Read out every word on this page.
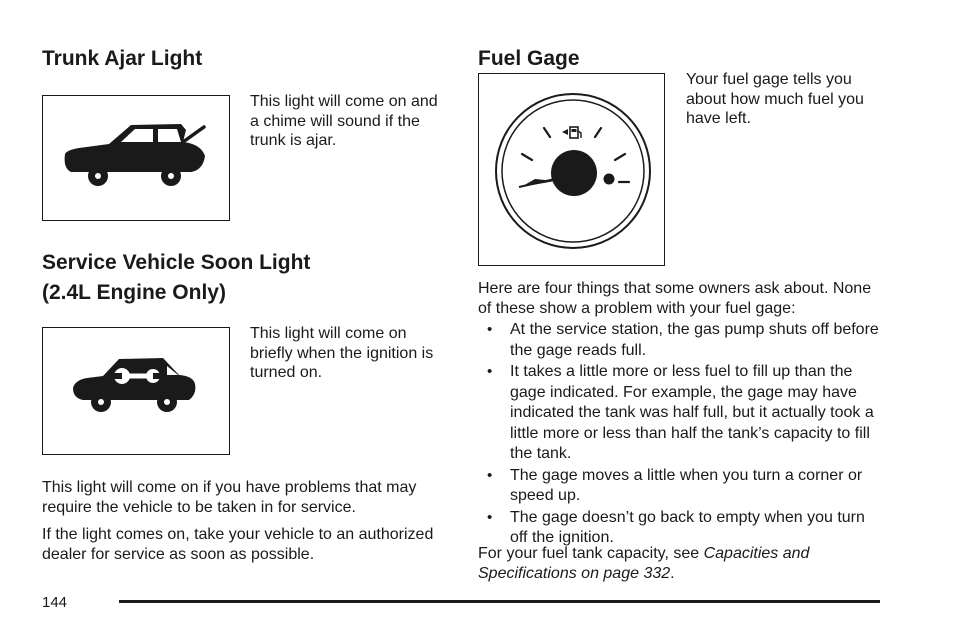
Trunk Ajar Light

This light will come on and a chime will sound if the trunk is ajar.

Service Vehicle Soon Light
(2.4L Engine Only)

This light will come on briefly when the ignition is turned on.

This light will come on if you have problems that may require the vehicle to be taken in for service.

If the light comes on, take your vehicle to an authorized dealer for service as soon as possible.

Fuel Gage

Your fuel gage tells you about how much fuel you have left.

Here are four things that some owners ask about. None of these show a problem with your fuel gage:

• At the service station, the gas pump shuts off before the gage reads full.
• It takes a little more or less fuel to fill up than the gage indicated. For example, the gage may have indicated the tank was half full, but it actually took a little more or less than half the tank’s capacity to fill the tank.
• The gage moves a little when you turn a corner or speed up.
• The gage doesn’t go back to empty when you turn off the ignition.

For your fuel tank capacity, see Capacities and Specifications on page 332.

144
